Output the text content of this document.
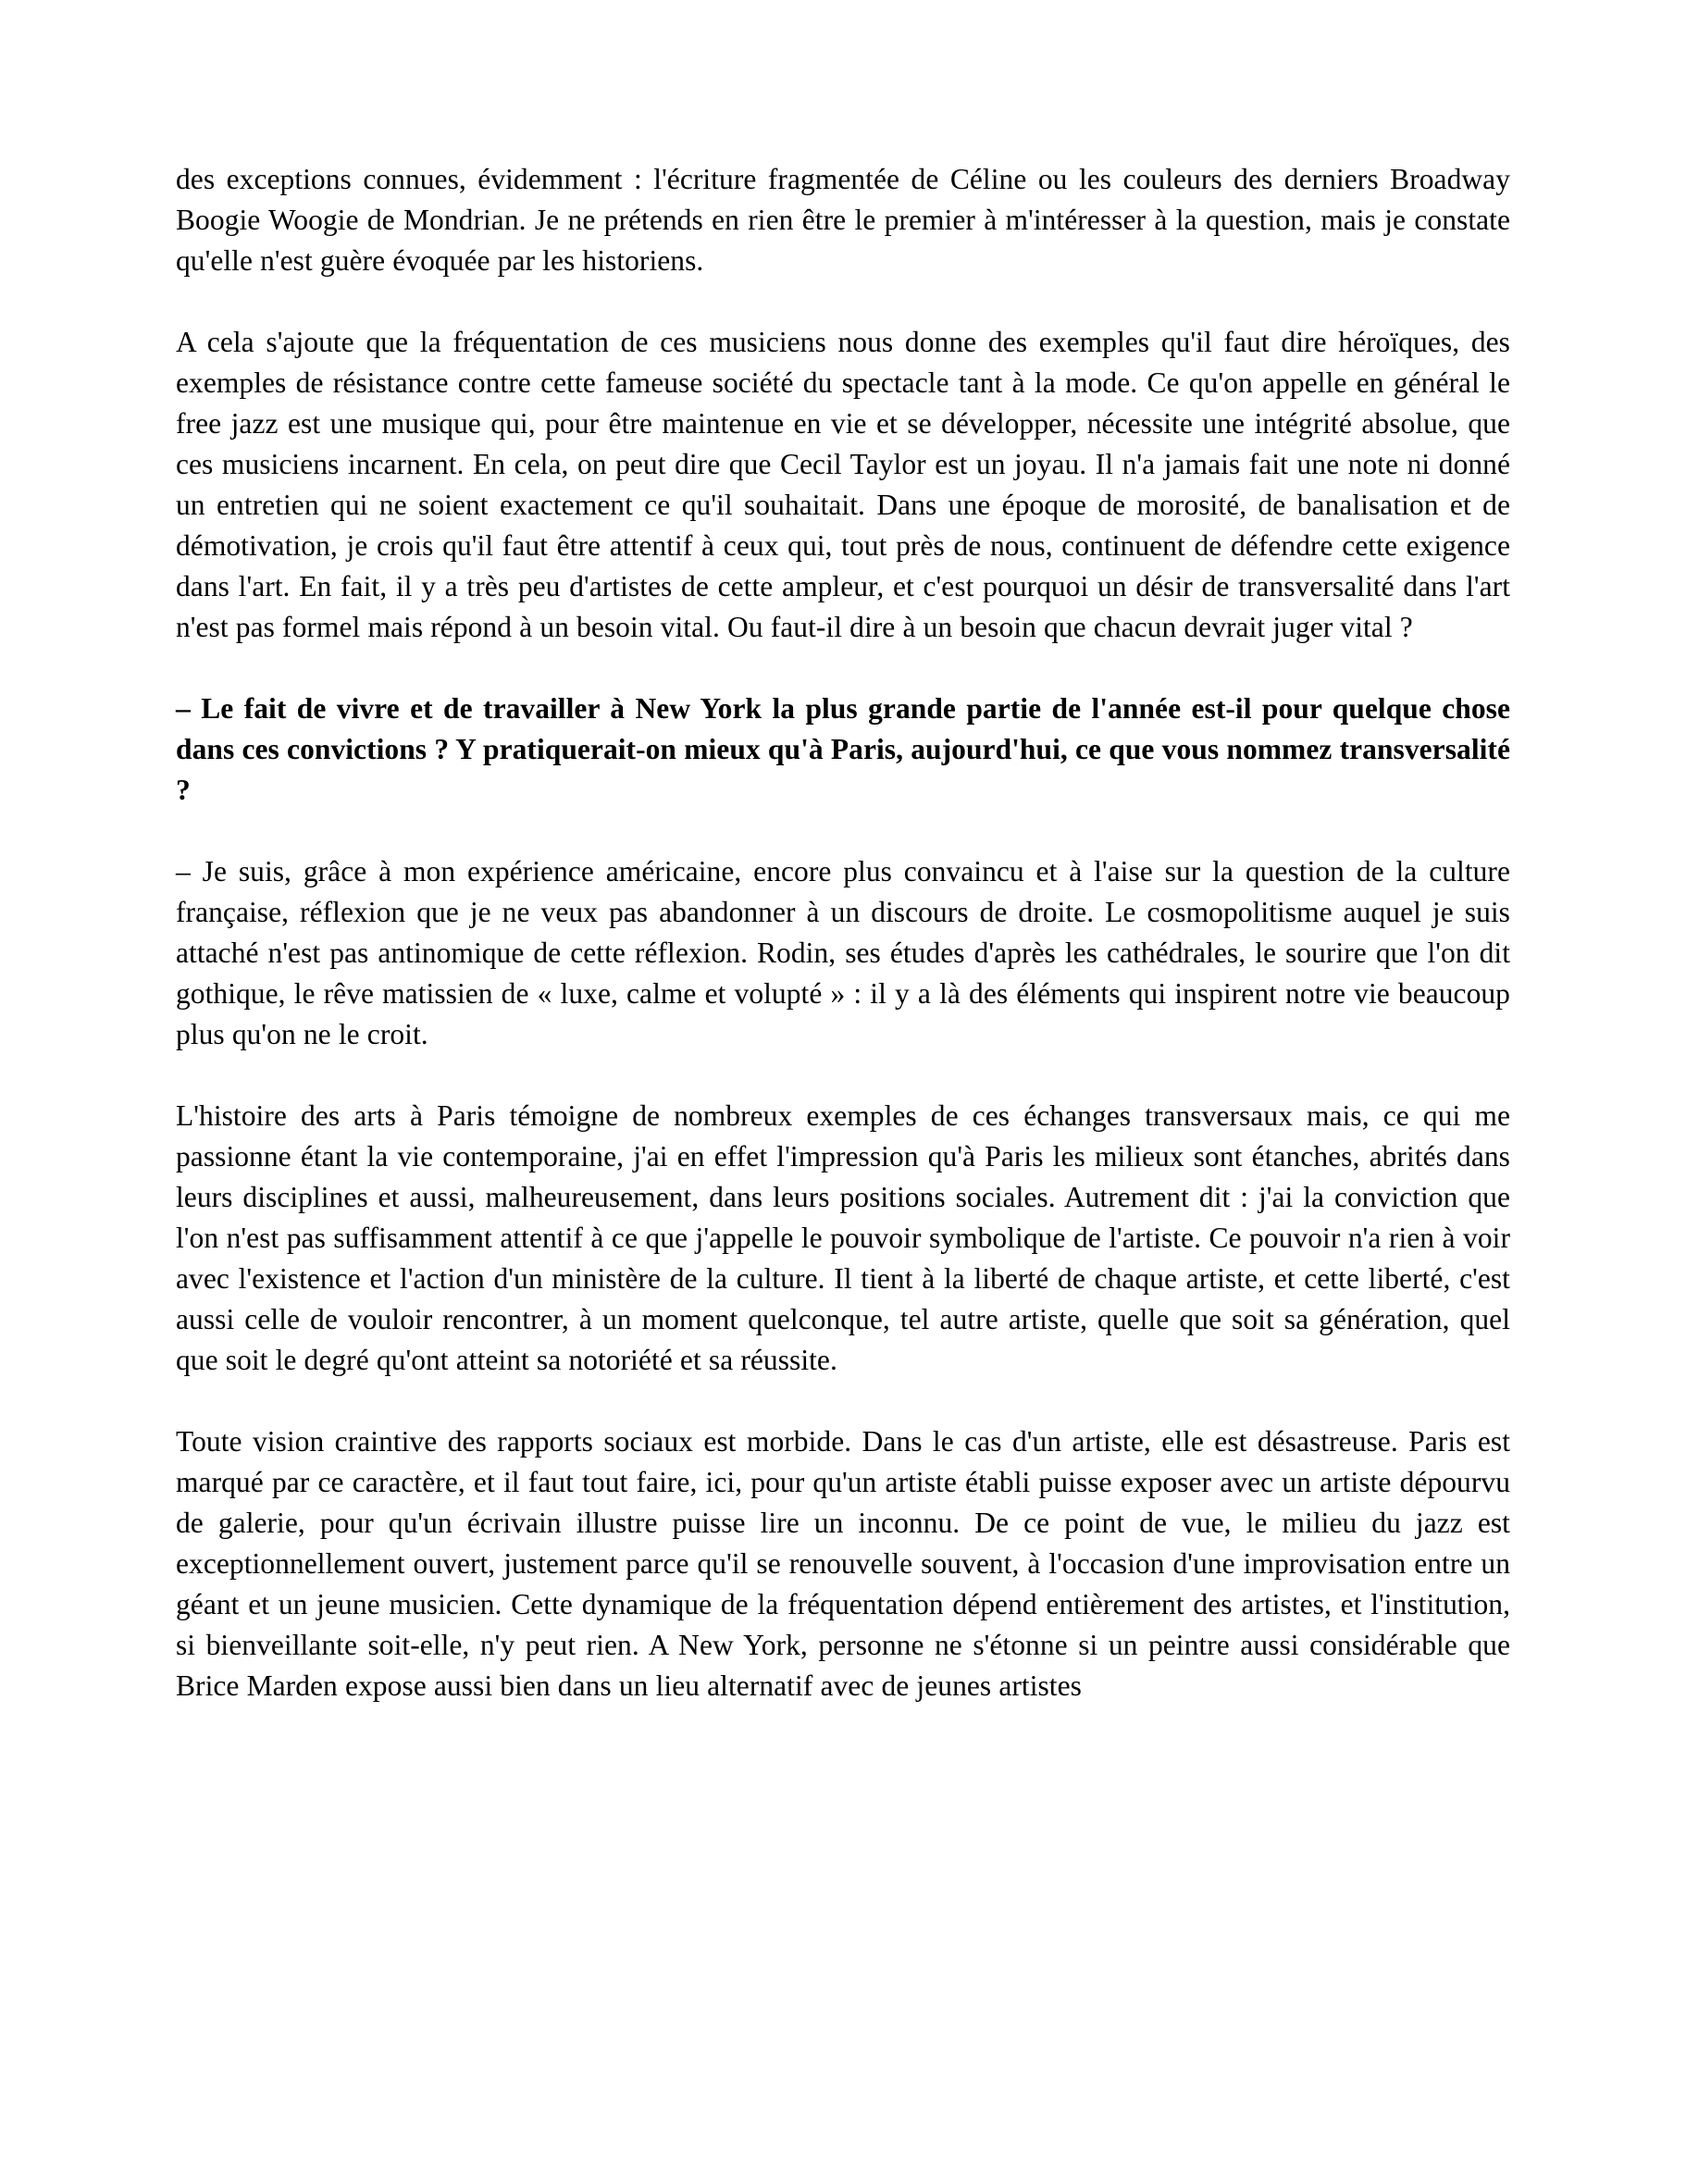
des exceptions connues, évidemment : l'écriture fragmentée de Céline ou les couleurs des derniers Broadway Boogie Woogie de Mondrian. Je ne prétends en rien être le premier à m'intéresser à la question, mais je constate qu'elle n'est guère évoquée par les historiens.

A cela s'ajoute que la fréquentation de ces musiciens nous donne des exemples qu'il faut dire héroïques, des exemples de résistance contre cette fameuse société du spectacle tant à la mode. Ce qu'on appelle en général le free jazz est une musique qui, pour être maintenue en vie et se développer, nécessite une intégrité absolue, que ces musiciens incarnent. En cela, on peut dire que Cecil Taylor est un joyau. Il n'a jamais fait une note ni donné un entretien qui ne soient exactement ce qu'il souhaitait. Dans une époque de morosité, de banalisation et de démotivation, je crois qu'il faut être attentif à ceux qui, tout près de nous, continuent de défendre cette exigence dans l'art. En fait, il y a très peu d'artistes de cette ampleur, et c'est pourquoi un désir de transversalité dans l'art n'est pas formel mais répond à un besoin vital. Ou faut-il dire à un besoin que chacun devrait juger vital ?

– Le fait de vivre et de travailler à New York la plus grande partie de l'année est-il pour quelque chose dans ces convictions ? Y pratiquerait-on mieux qu'à Paris, aujourd'hui, ce que vous nommez transversalité ?

– Je suis, grâce à mon expérience américaine, encore plus convaincu et à l'aise sur la question de la culture française, réflexion que je ne veux pas abandonner à un discours de droite. Le cosmopolitisme auquel je suis attaché n'est pas antinomique de cette réflexion. Rodin, ses études d'après les cathédrales, le sourire que l'on dit gothique, le rêve matissien de « luxe, calme et volupté » : il y a là des éléments qui inspirent notre vie beaucoup plus qu'on ne le croit.

L'histoire des arts à Paris témoigne de nombreux exemples de ces échanges transversaux mais, ce qui me passionne étant la vie contemporaine, j'ai en effet l'impression qu'à Paris les milieux sont étanches, abrités dans leurs disciplines et aussi, malheureusement, dans leurs positions sociales. Autrement dit : j'ai la conviction que l'on n'est pas suffisamment attentif à ce que j'appelle le pouvoir symbolique de l'artiste. Ce pouvoir n'a rien à voir avec l'existence et l'action d'un ministère de la culture. Il tient à la liberté de chaque artiste, et cette liberté, c'est aussi celle de vouloir rencontrer, à un moment quelconque, tel autre artiste, quelle que soit sa génération, quel que soit le degré qu'ont atteint sa notoriété et sa réussite.

Toute vision craintive des rapports sociaux est morbide. Dans le cas d'un artiste, elle est désastreuse. Paris est marqué par ce caractère, et il faut tout faire, ici, pour qu'un artiste établi puisse exposer avec un artiste dépourvu de galerie, pour qu'un écrivain illustre puisse lire un inconnu. De ce point de vue, le milieu du jazz est exceptionnellement ouvert, justement parce qu'il se renouvelle souvent, à l'occasion d'une improvisation entre un géant et un jeune musicien. Cette dynamique de la fréquentation dépend entièrement des artistes, et l'institution, si bienveillante soit-elle, n'y peut rien. A New York, personne ne s'étonne si un peintre aussi considérable que Brice Marden expose aussi bien dans un lieu alternatif avec de jeunes artistes
